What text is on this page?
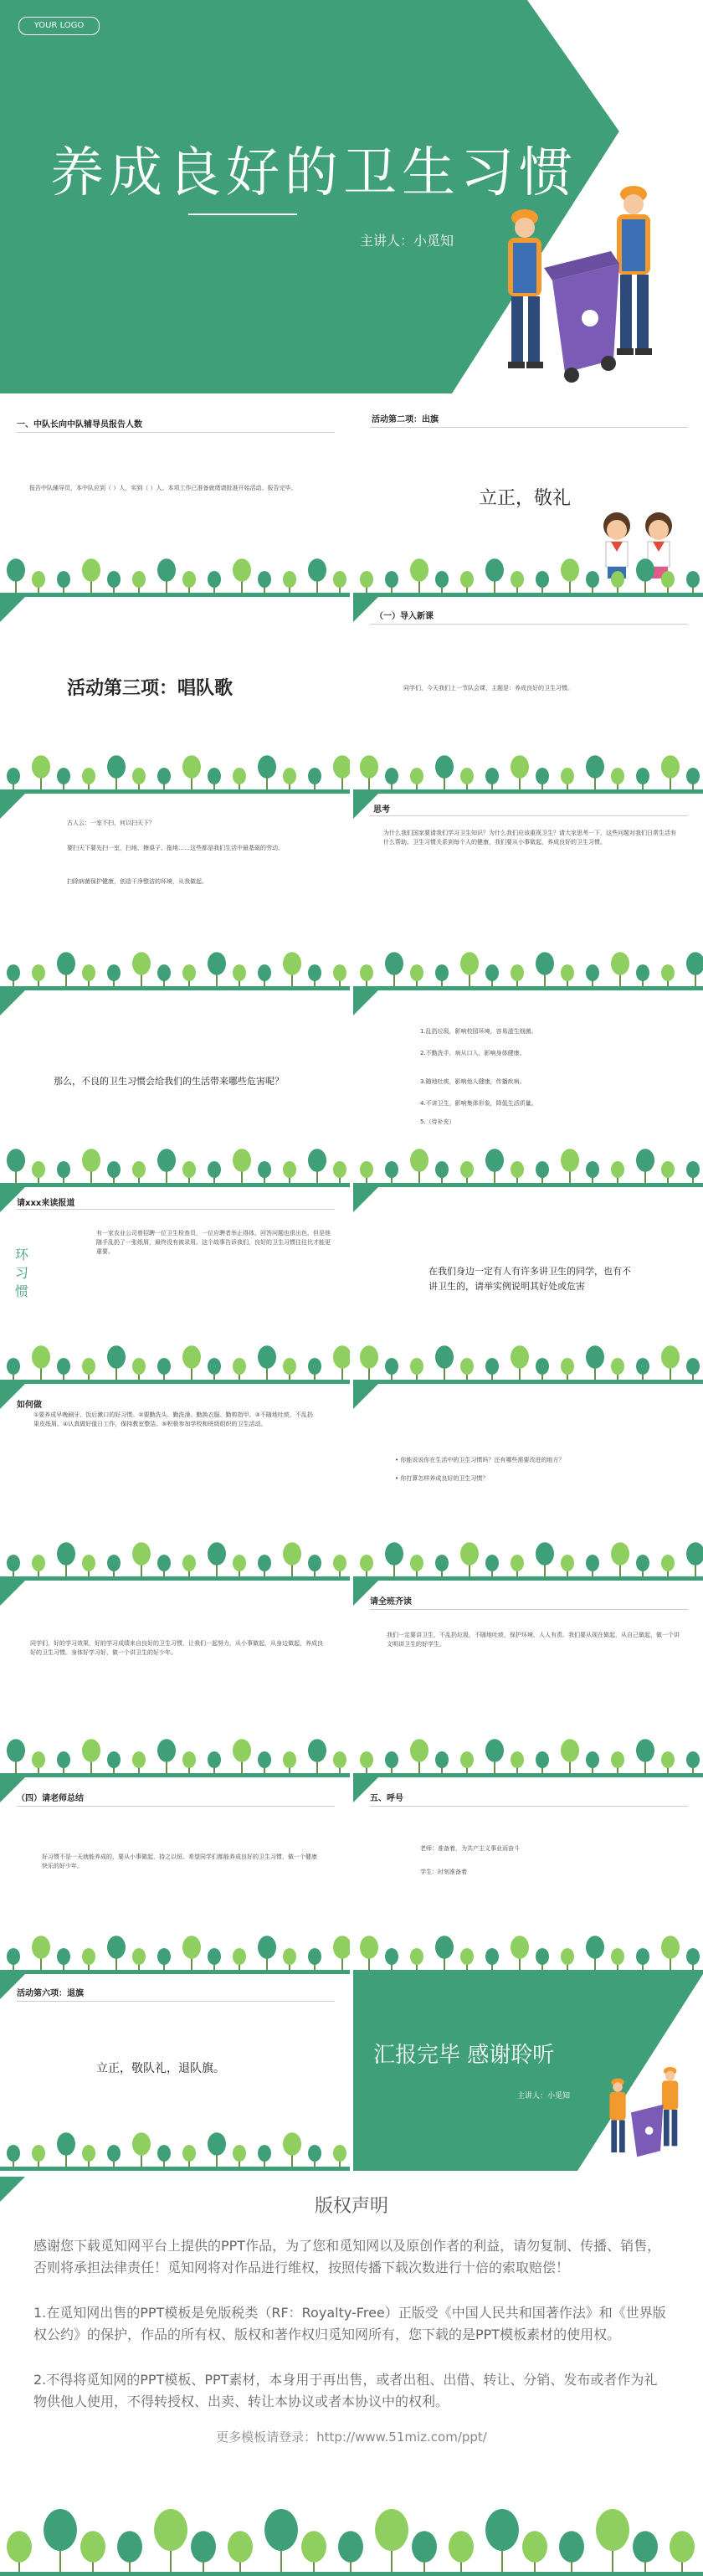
YOUR LOGO
养成良好的卫生习惯
主讲人：小觅知
一、中队长向中队辅导员报告人数
报告中队辅导员，本中队应到（ ）人，实到（ ）人。本项工作已准备就绪请批准开始活动。报告完毕。
活动第二项：出旗
立正，敬礼
活动第三项：唱队歌
（一）导入新课
同学们，今天我们上一节队会课，主题是：养成良好的卫生习惯。
古人云：一室不扫，何以扫天下？
要扫天下要先扫一室，扫地、擦桌子、拖地……这些都是我们生活中最基础的劳动。
扫除病菌保护健康，创造干净整洁的环境，从我做起。
思考
为什么我们国家要请我们学习卫生知识？为什么我们应该重视卫生？请大家思考一下，这些问题对我们日常生活有什么帮助。卫生习惯关系到每个人的健康，我们要从小事做起，养成良好的卫生习惯。
那么，不良的卫生习惯会给我们的生活带来哪些危害呢？
1.乱扔垃圾，影响校园环境，容易滋生细菌。
2.不勤洗手，病从口入，影响身体健康。
3.随地吐痰，影响他人健康，传播疾病。
4.不讲卫生，影响集体形象，降低生活质量。
5.（待补充）
请xxx来读报道
环习惯
有一家农业公司曾招聘一位卫生检查员，一位应聘者举止得体，回答问题也很出色，但是他随手乱扔了一张纸屑，最终没有被录用。这个故事告诉我们，良好的卫生习惯往往比才能更重要。
在我们身边一定有人有许多讲卫生的同学，也有不讲卫生的，请举实例说明其好处或危害
如何做
①要养成早晚刷牙、饭后漱口的好习惯。②要勤洗头、勤洗澡、勤换衣服、勤剪指甲。③不随地吐痰，不乱扔果皮纸屑。④认真做好值日工作，保持教室整洁。⑤积极参加学校和班级组织的卫生活动。
• 你能说说你在生活中的卫生习惯吗？还有哪些需要改进的地方？
• 你打算怎样养成良好的卫生习惯？
同学们，好的学习效果，好的学习成绩来自良好的卫生习惯，让我们一起努力，从小事做起，从身边做起，养成良好的卫生习惯。身体好学习好，做一个讲卫生的好少年。
请全班齐读
我们一定要讲卫生，不乱扔垃圾，不随地吐痰，保护环境，人人有责。我们要从现在做起，从自己做起，做一个讲文明讲卫生的好学生。
（四）请老师总结
好习惯不是一天就能养成的，要从小事做起，持之以恒。希望同学们都能养成良好的卫生习惯，做一个健康快乐的好少年。
五、呼号
老师：准备着，为共产主义事业而奋斗
学生：时刻准备着
活动第六项：退旗
立正，敬队礼，退队旗。
汇报完毕 感谢聆听
主讲人：小觅知
版权声明
感谢您下载觅知网平台上提供的PPT作品，为了您和觅知网以及原创作者的利益，请勿复制、传播、销售，否则将承担法律责任！觅知网将对作品进行维权，按照传播下载次数进行十倍的索取赔偿！
1.在觅知网出售的PPT模板是免版税类（RF：Royalty-Free）正版受《中国人民共和国著作法》和《世界版权公约》的保护，作品的所有权、版权和著作权归觅知网所有，您下载的是PPT模板素材的使用权。
2.不得将觅知网的PPT模板、PPT素材，本身用于再出售，或者出租、出借、转让、分销、发布或者作为礼物供他人使用，不得转授权、出卖、转让本协议或者本协议中的权利。
更多模板请登录：http://www.51miz.com/ppt/
